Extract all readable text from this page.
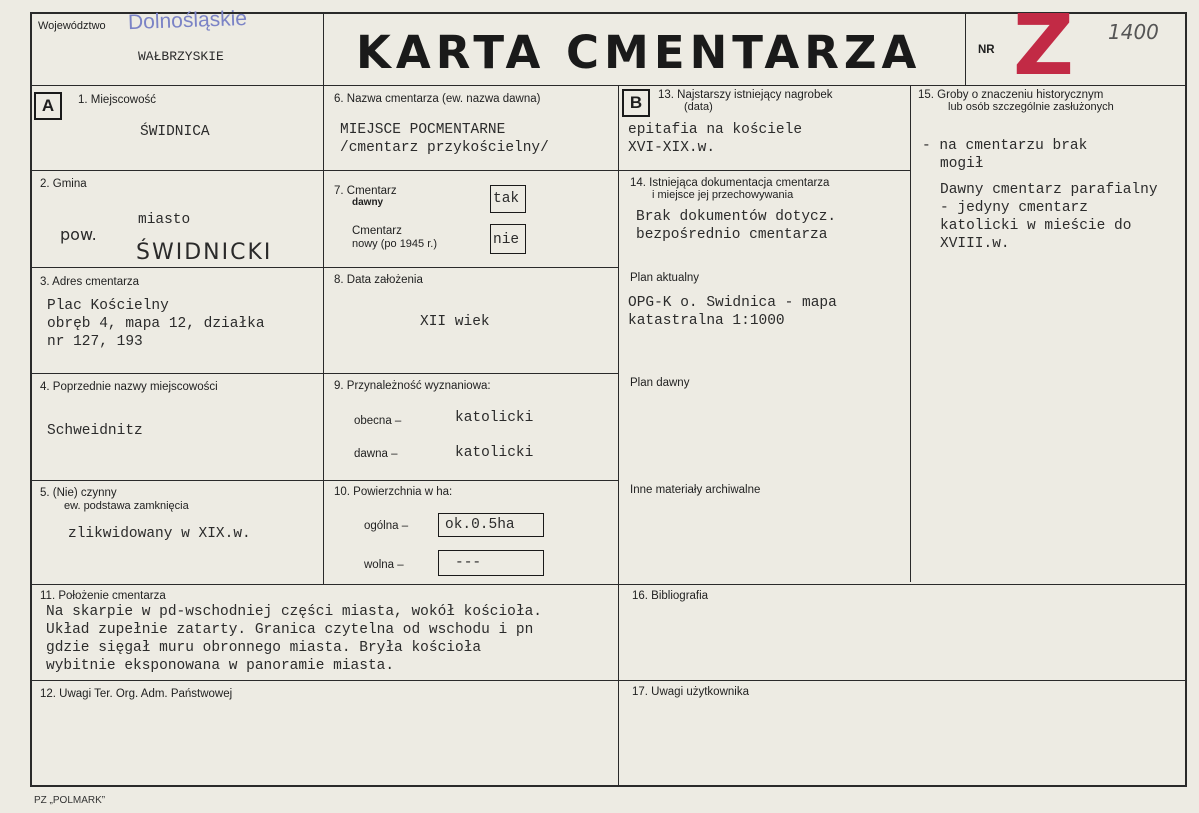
Województwo Dolnośląskie
WAŁBRZYSKIE	KARTA CMENTARZA	NR Z 1400
A	1. Miejscowość
ŚWIDNICA
2. Gmina
miasto
pow.
ŚWIDNICKI
3. Adres cmentarza
Plac Kościelny
obręb 4, mapa 12, działka
nr 127, 193
4. Poprzednie nazwy miejscowości
Schweidnitz
5. (Nie) czynny
ew. podstawa zamknięcia
zlikwidowany w XIX.w.
6. Nazwa cmentarza (ew. nazwa dawna)
MIEJSCE POCMENTARNE
/cmentarz przykościelny/
7. Cmentarz
dawny	tak
Cmentarz
nowy (po 1945 r.)	nie
8. Data założenia
XII wiek
9. Przynależność wyznaniowa:
obecna –	katolicki
dawna –	katolicki
10. Powierzchnia w ha:
ogólna –	ok.0.5ha
wolna –	---
B	13. Najstarszy istniejący nagrobek
(data)
epitafia na kościele
XVI-XIX.w.
14. Istniejąca dokumentacja cmentarza
i miejsce jej przechowywania
Brak dokumentów dotycz.
bezpośrednio cmentarza
Plan aktualny
OPG-K o. Swidnica - mapa
katastralna 1:1000
Plan dawny
Inne materiały archiwalne
15. Groby o znaczeniu historycznym
lub osób szczególnie zasłużonych
- na cmentarzu brak
mogił
Dawny cmentarz parafialny
- jedyny cmentarz
katolicki w mieście do
XVIII.w.
11. Położenie cmentarza
Na skarpie w pd-wschodniej części miasta, wokół kościoła.
Układ zupełnie zatarty. Granica czytelna od wschodu i pn
gdzie sięgał muru obronnego miasta. Bryła kościoła
wybitnie eksponowana w panoramie miasta.
16. Bibliografia
12. Uwagi Ter. Org. Adm. Państwowej	17. Uwagi użytkownika
PZ „POLMARK”
